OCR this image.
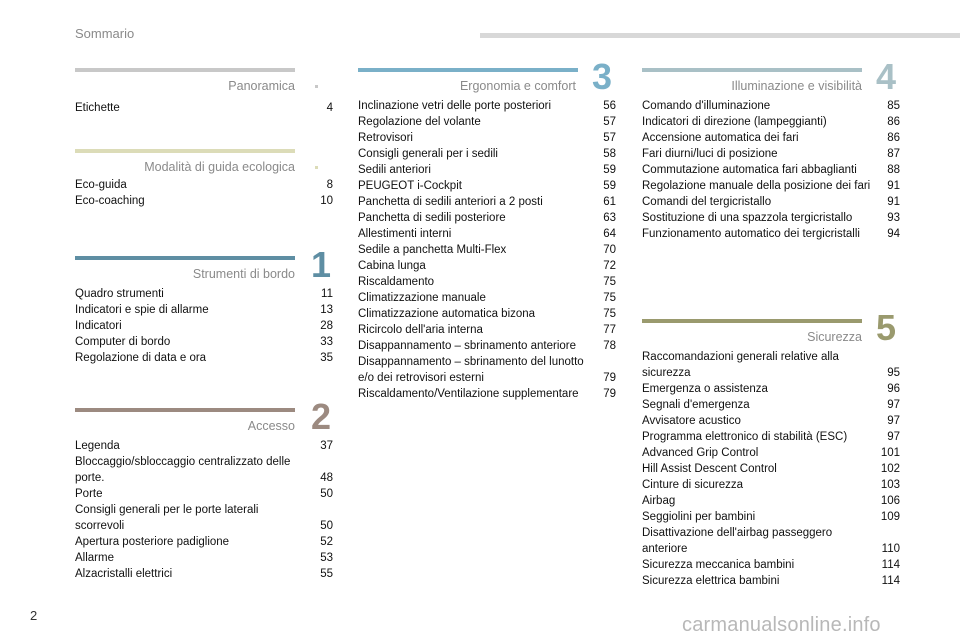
Sommario
Panoramica
Etichette	4
Modalità di guida ecologica
Eco-guida	8
Eco-coaching	10
Strumenti di bordo 1
Quadro strumenti	11
Indicatori e spie di allarme	13
Indicatori	28
Computer di bordo	33
Regolazione di data e ora	35
Accesso 2
Legenda	37
Bloccaggio/sbloccaggio centralizzato delle porte.	48
Porte	50
Consigli generali per le porte laterali scorrevoli	50
Apertura posteriore padiglione	52
Allarme	53
Alzacristalli elettrici	55
Ergonomia e comfort 3
Inclinazione vetri delle porte posteriori	56
Regolazione del volante	57
Retrovisori	57
Consigli generali per i sedili	58
Sedili anteriori	59
PEUGEOT i-Cockpit	59
Panchetta di sedili anteriori a 2 posti	61
Panchetta di sedili posteriore	63
Allestimenti interni	64
Sedile a panchetta Multi-Flex	70
Cabina lunga	72
Riscaldamento	75
Climatizzazione manuale	75
Climatizzazione automatica bizona	75
Ricircolo dell'aria interna	77
Disappannamento – sbrinamento anteriore	78
Disappannamento – sbrinamento del lunotto e/o dei retrovisori esterni	79
Riscaldamento/Ventilazione supplementare	79
Illuminazione e visibilità 4
Comando d'illuminazione	85
Indicatori di direzione (lampeggianti)	86
Accensione automatica dei fari	86
Fari diurni/luci di posizione	87
Commutazione automatica fari abbaglianti	88
Regolazione manuale della posizione dei fari	91
Comandi del tergicristallo	91
Sostituzione di una spazzola tergicristallo	93
Funzionamento automatico dei tergicristalli	94
Sicurezza 5
Raccomandazioni generali relative alla sicurezza	95
Emergenza o assistenza	96
Segnali d'emergenza	97
Avvisatore acustico	97
Programma elettronico di stabilità (ESC)	97
Advanced Grip Control	101
Hill Assist Descent Control	102
Cinture di sicurezza	103
Airbag	106
Seggiolini per bambini	109
Disattivazione dell'airbag passeggero anteriore	110
Sicurezza meccanica bambini	114
Sicurezza elettrica bambini	114
2	carmanualsonline.info
